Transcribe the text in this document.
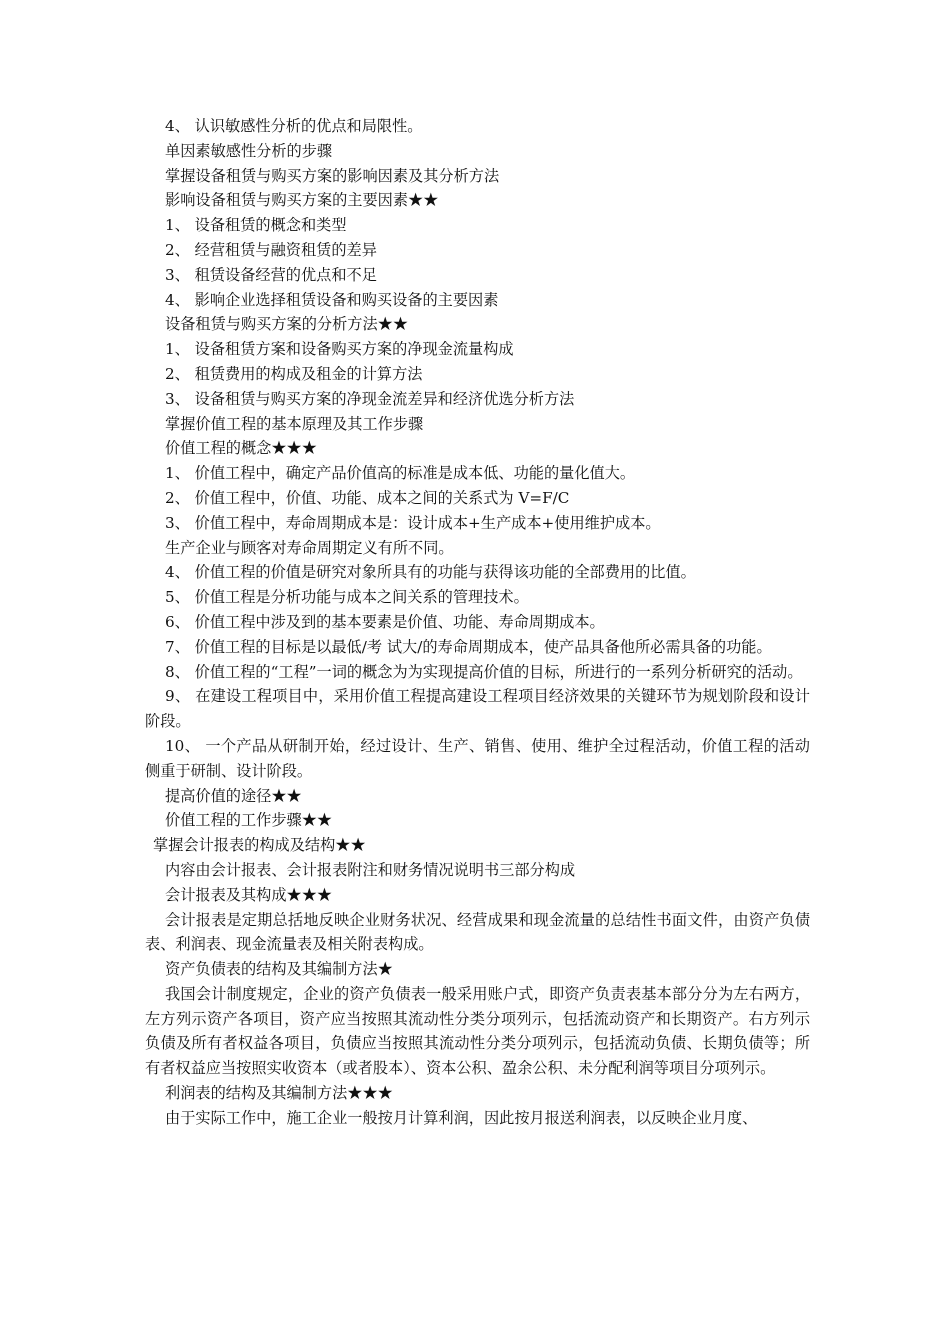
4、 认识敏感性分析的优点和局限性。

单因素敏感性分析的步骤

掌握设备租赁与购买方案的影响因素及其分析方法

影响设备租赁与购买方案的主要因素★★

1、 设备租赁的概念和类型

2、 经营租赁与融资租赁的差异

3、 租赁设备经营的优点和不足

4、 影响企业选择租赁设备和购买设备的主要因素

设备租赁与购买方案的分析方法★★

1、 设备租赁方案和设备购买方案的净现金流量构成

2、 租赁费用的构成及租金的计算方法

3、 设备租赁与购买方案的净现金流差异和经济优选分析方法

掌握价值工程的基本原理及其工作步骤

价值工程的概念★★★

1、 价值工程中，确定产品价值高的标准是成本低、功能的量化值大。

2、 价值工程中，价值、功能、成本之间的关系式为 V=F/C

3、 价值工程中，寿命周期成本是：设计成本+生产成本+使用维护成本。

生产企业与顾客对寿命周期定义有所不同。

4、 价值工程的价值是研究对象所具有的功能与获得该功能的全部费用的比值。

5、 价值工程是分析功能与成本之间关系的管理技术。

6、 价值工程中涉及到的基本要素是价值、功能、寿命周期成本。

7、 价值工程的目标是以最低/考 试大/的寿命周期成本，使产品具备他所必需具备的功能。

8、 价值工程的“工程”一词的概念为为实现提高价值的目标，所进行的一系列分析研究的活动。

9、 在建设工程项目中，采用价值工程提高建设工程项目经济效果的关键环节为规划阶段和设计阶段。

10、 一个产品从研制开始，经过设计、生产、销售、使用、维护全过程活动，价值工程的活动侧重于研制、设计阶段。

提高价值的途径★★

价值工程的工作步骤★★

掌握会计报表的构成及结构★★

内容由会计报表、会计报表附注和财务情况说明书三部分构成

会计报表及其构成★★★

会计报表是定期总括地反映企业财务状况、经营成果和现金流量的总结性书面文件，由资产负债表、利润表、现金流量表及相关附表构成。

资产负债表的结构及其编制方法★

我国会计制度规定，企业的资产负债表一般采用账户式，即资产负责表基本部分分为左右两方，左方列示资产各项目，资产应当按照其流动性分类分项列示，包括流动资产和长期资产。右方列示负债及所有者权益各项目，负债应当按照其流动性分类分项列示，包括流动负债、长期负债等；所有者权益应当按照实收资本（或者股本）、资本公积、盈余公积、未分配利润等项目分项列示。

利润表的结构及其编制方法★★★

由于实际工作中，施工企业一般按月计算利润，因此按月报送利润表，以反映企业月度、
